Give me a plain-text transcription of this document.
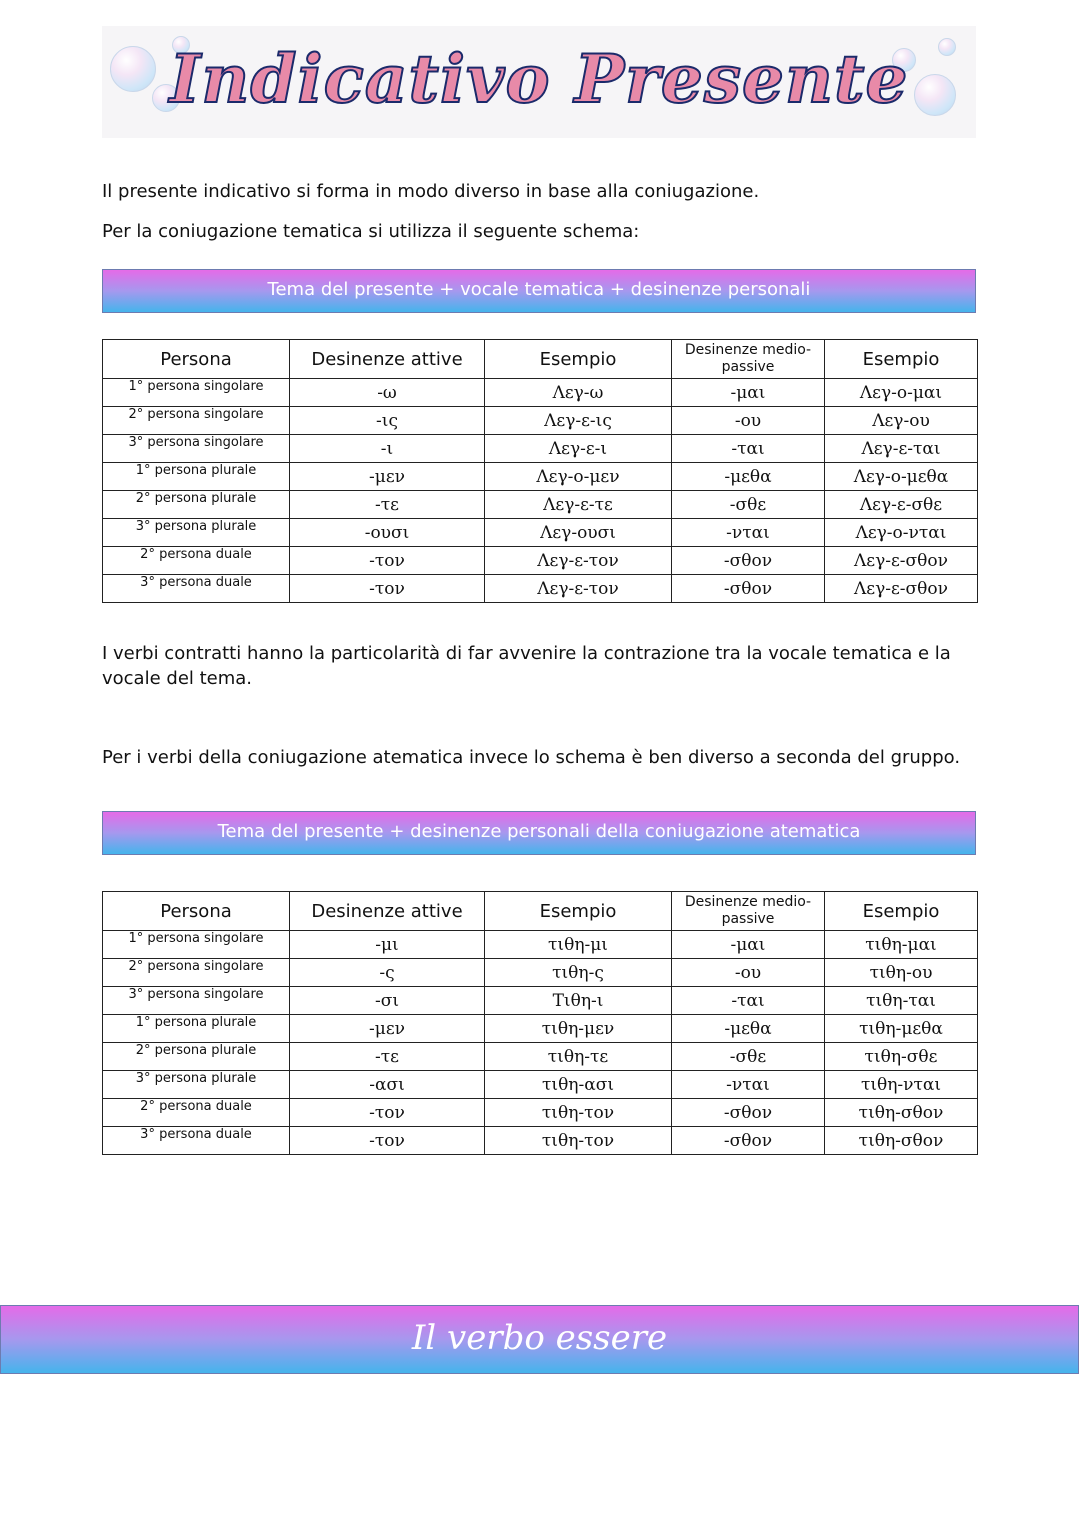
Indicativo Presente
Il presente indicativo si forma in modo diverso in base alla coniugazione.
Per la coniugazione tematica si utilizza il seguente schema:
Tema del presente + vocale tematica + desinenze personali
Persona	Desinenze attive	Esempio	Desinenze medio-passive	Esempio
1° persona singolare	-ω	Λεγ-ω	-μαι	Λεγ-ο-μαι
2° persona singolare	-ις	Λεγ-ε-ις	-ου	Λεγ-ου
3° persona singolare	-ι	Λεγ-ε-ι	-ται	Λεγ-ε-ται
1° persona plurale	-μεν	Λεγ-ο-μεν	-μεθα	Λεγ-ο-μεθα
2° persona plurale	-τε	Λεγ-ε-τε	-σθε	Λεγ-ε-σθε
3° persona plurale	-ουσι	Λεγ-ουσι	-νται	Λεγ-ο-νται
2° persona duale	-τον	Λεγ-ε-τον	-σθον	Λεγ-ε-σθον
3° persona duale	-τον	Λεγ-ε-τον	-σθον	Λεγ-ε-σθον
I verbi contratti hanno la particolarità di far avvenire la contrazione tra la vocale tematica e la vocale del tema.
Per i verbi della coniugazione atematica invece lo schema è ben diverso a seconda del gruppo.
Tema del presente + desinenze personali della coniugazione atematica
Persona	Desinenze attive	Esempio	Desinenze medio-passive	Esempio
1° persona singolare	-μι	τιθη-μι	-μαι	τιθη-μαι
2° persona singolare	-ς	τιθη-ς	-ου	τιθη-ου
3° persona singolare	-σι	Τιθη-ι	-ται	τιθη-ται
1° persona plurale	-μεν	τιθη-μεν	-μεθα	τιθη-μεθα
2° persona plurale	-τε	τιθη-τε	-σθε	τιθη-σθε
3° persona plurale	-ασι	τιθη-ασι	-νται	τιθη-νται
2° persona duale	-τον	τιθη-τον	-σθον	τιθη-σθον
3° persona duale	-τον	τιθη-τον	-σθον	τιθη-σθον
Il verbo essere
